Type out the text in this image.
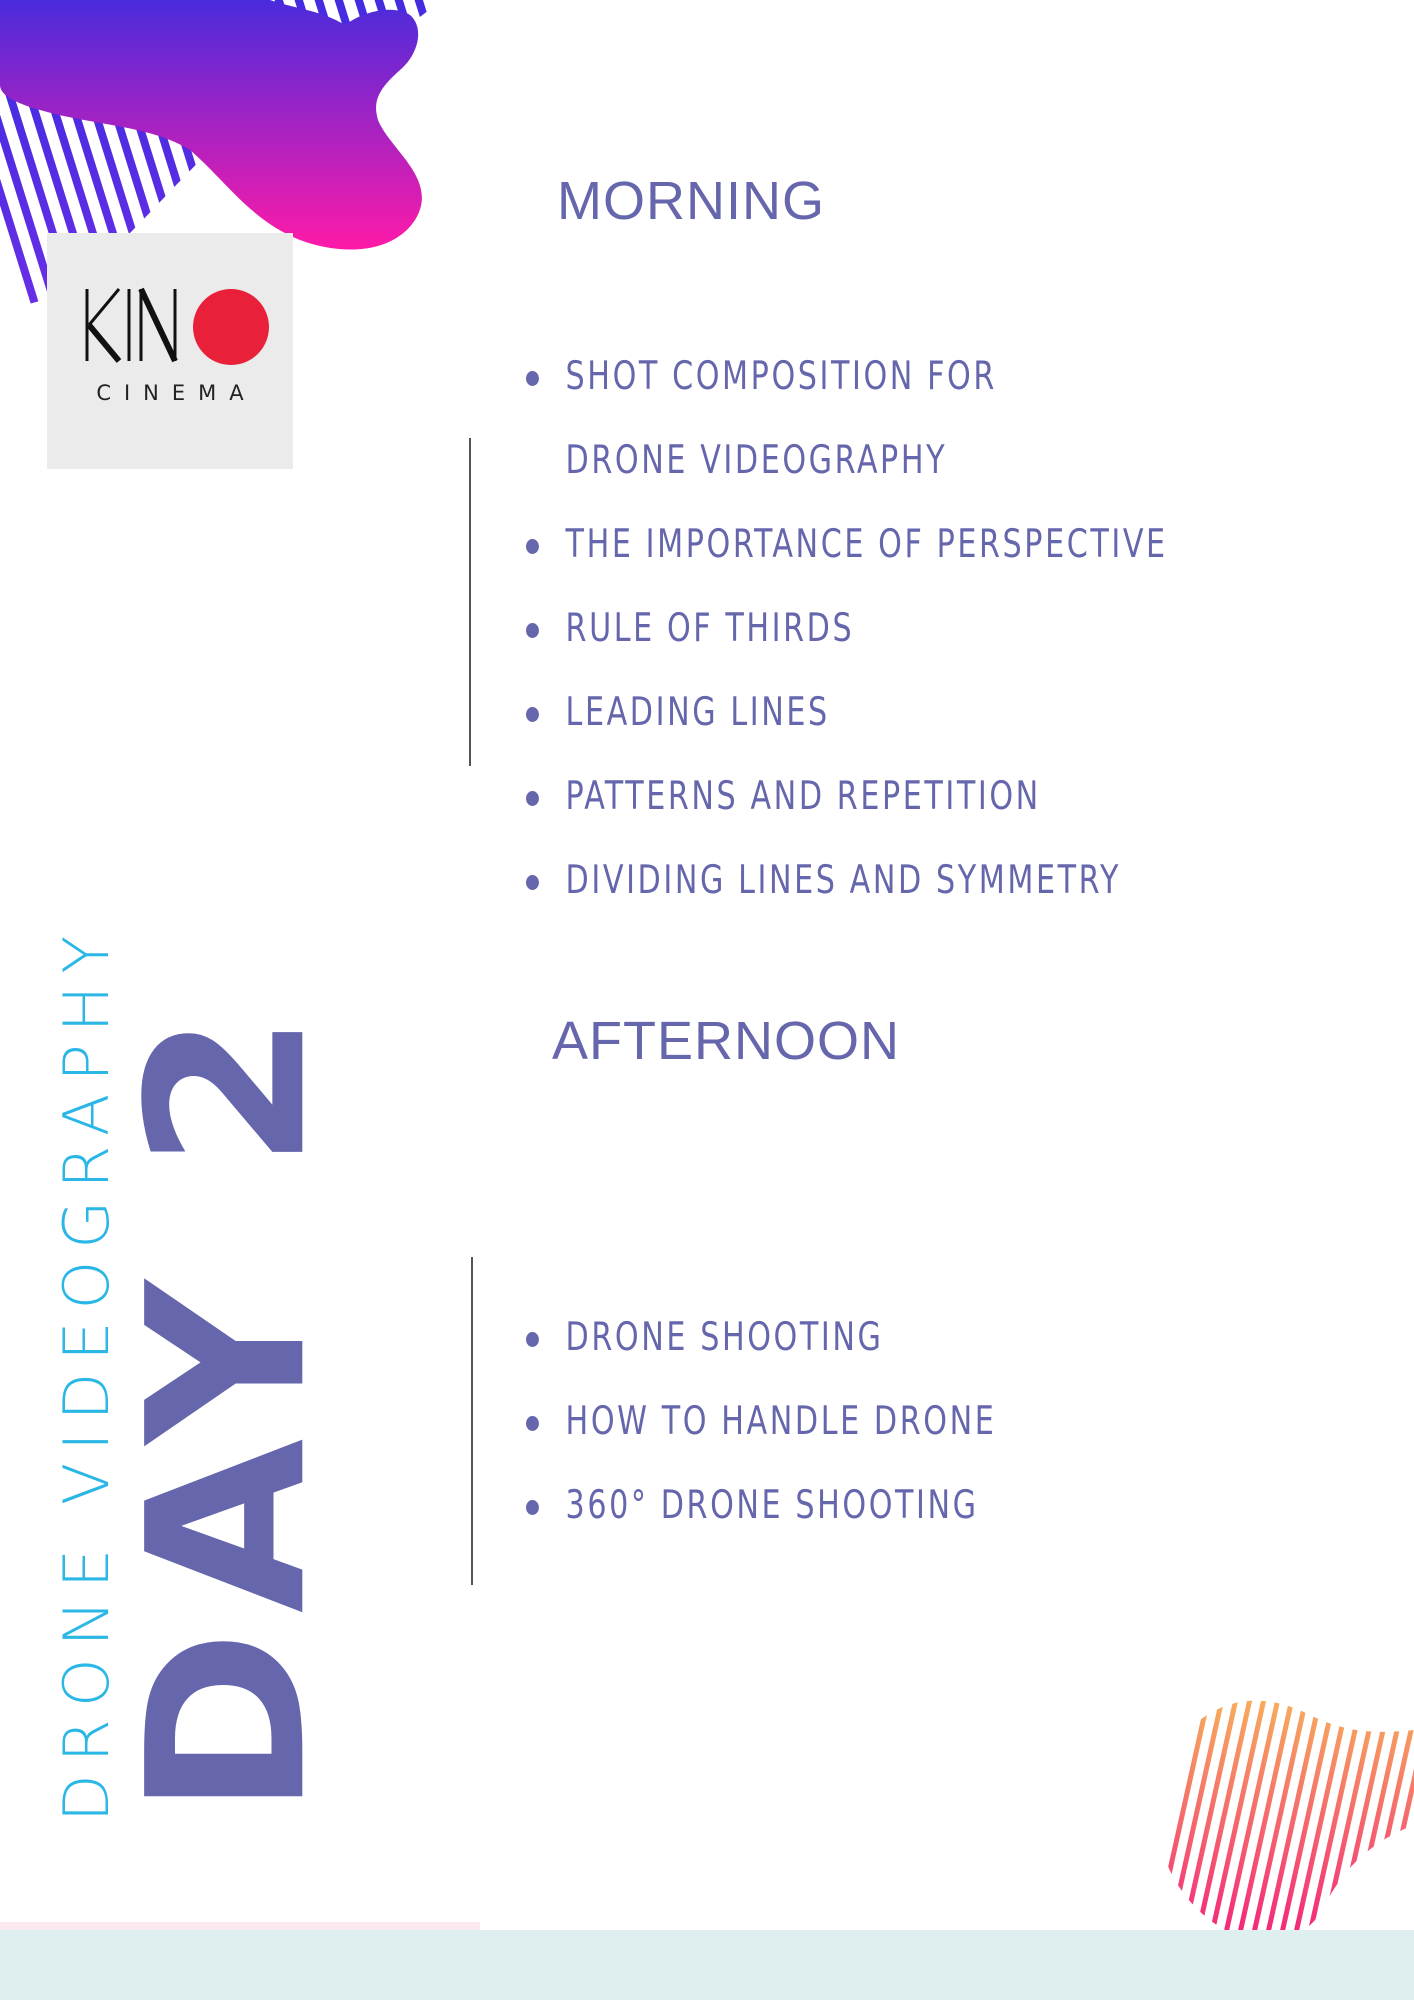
CINEMA
DRONE VIDEOGRAPHY
DAY 2
MORNING
SHOT COMPOSITION FOR DRONE VIDEOGRAPHY
THE IMPORTANCE OF PERSPECTIVE
RULE OF THIRDS
LEADING LINES
PATTERNS AND REPETITION
DIVIDING LINES AND SYMMETRY
AFTERNOON
DRONE SHOOTING
HOW TO HANDLE DRONE
360° DRONE SHOOTING
